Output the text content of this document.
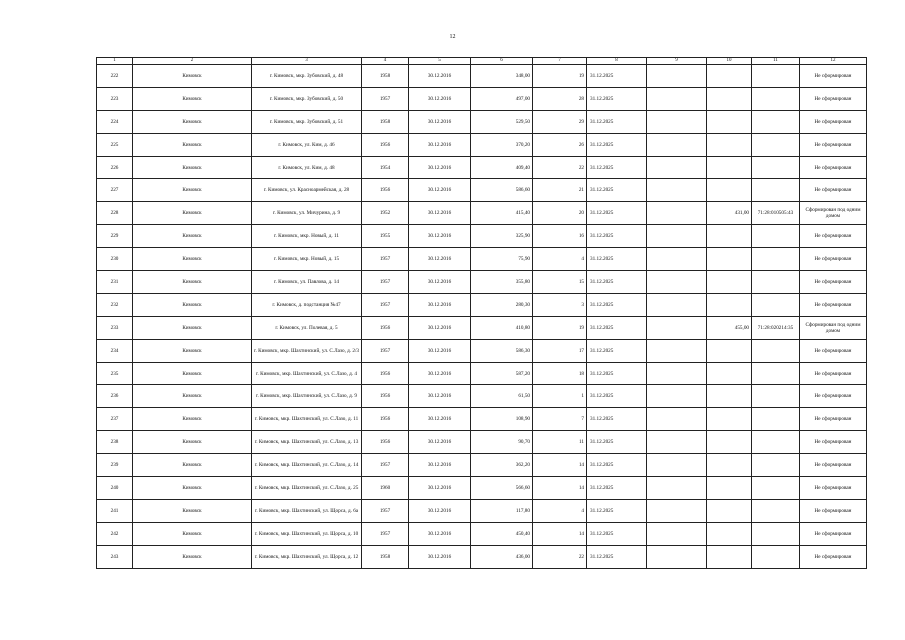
12
1	2	3	4	5	6	7	8	9	10	11	12
222	Кимовск	г. Кимовск, мкр. Зубовский, д. 48	1958	30.12.2016	348,00	19	31.12.2025				Не сформирован
223	Кимовск	г. Кимовск, мкр. Зубовский, д. 50	1957	30.12.2016	497,00	28	31.12.2025				Не сформирован
224	Кимовск	г. Кимовск, мкр. Зубовский, д. 51	1958	30.12.2016	529,50	29	31.12.2025				Не сформирован
225	Кимовск	г. Кимовск, ул. Ким, д. 46	1956	30.12.2016	370,20	26	31.12.2025				Не сформирован
226	Кимовск	г. Кимовск, ул. Ким, д. 48	1954	30.12.2016	409,40	22	31.12.2025				Не сформирован
227	Кимовск	г. Кимовск, ул. Красноармейская, д. 28	1956	30.12.2016	586,60	21	31.12.2025				Не сформирован
228	Кимовск	г. Кимовск, ул. Мичурина, д. 9	1952	30.12.2016	415,40	20	31.12.2025		431,00	71:28:010505:43	Сформирован под одним домом
229	Кимовск	г. Кимовск, мкр. Новый, д. 11	1955	30.12.2016	325,90	16	31.12.2025				Не сформирован
230	Кимовск	г. Кимовск, мкр. Новый, д. 15	1957	30.12.2016	75,90	4	31.12.2025				Не сформирован
231	Кимовск	г. Кимовск, ул. Павлова, д. 14	1957	30.12.2016	355,80	15	31.12.2025				Не сформирован
232	Кимовск	г. Кимовск, д. подстанция №47	1957	30.12.2016	280,30	3	31.12.2025				Не сформирован
233	Кимовск	г. Кимовск, ул. Полевая, д. 5	1956	30.12.2016	410,80	19	31.12.2025		455,00	71:28:020214:35	Сформирован под одним домом
234	Кимовск	г. Кимовск, мкр. Шахтинский, ул. С.Лазо, д. 2/3	1957	30.12.2016	586,30	17	31.12.2025				Не сформирован
235	Кимовск	г. Кимовск, мкр. Шахтинский, ул. С.Лазо, д. 4	1956	30.12.2016	587,20	18	31.12.2025				Не сформирован
236	Кимовск	г. Кимовск, мкр. Шахтинский, ул. С.Лазо, д. 9	1956	30.12.2016	61,50	1	31.12.2025				Не сформирован
237	Кимовск	г. Кимовск, мкр. Шахтинский, ул. С.Лазо, д. 11	1956	30.12.2016	108,90	7	31.12.2025				Не сформирован
238	Кимовск	г. Кимовск, мкр. Шахтинский, ул. С.Лазо, д. 13	1956	30.12.2016	90,70	11	31.12.2025				Не сформирован
239	Кимовск	г. Кимовск, мкр. Шахтинский, ул. С.Лазо, д. 14	1957	30.12.2016	362,20	14	31.12.2025				Не сформирован
240	Кимовск	г. Кимовск, мкр. Шахтинский, ул. С.Лазо, д. 25	1960	30.12.2016	566,60	14	31.12.2025				Не сформирован
241	Кимовск	г. Кимовск, мкр. Шахтинский, ул. Щорса, д. 6а	1957	30.12.2016	117,80	4	31.12.2025				Не сформирован
242	Кимовск	г. Кимовск, мкр. Шахтинский, ул. Щорса, д. 10	1957	30.12.2016	450,40	14	31.12.2025				Не сформирован
243	Кимовск	г. Кимовск, мкр. Шахтинский, ул. Щорса, д. 12	1958	30.12.2016	436,00	22	31.12.2025				Не сформирован
